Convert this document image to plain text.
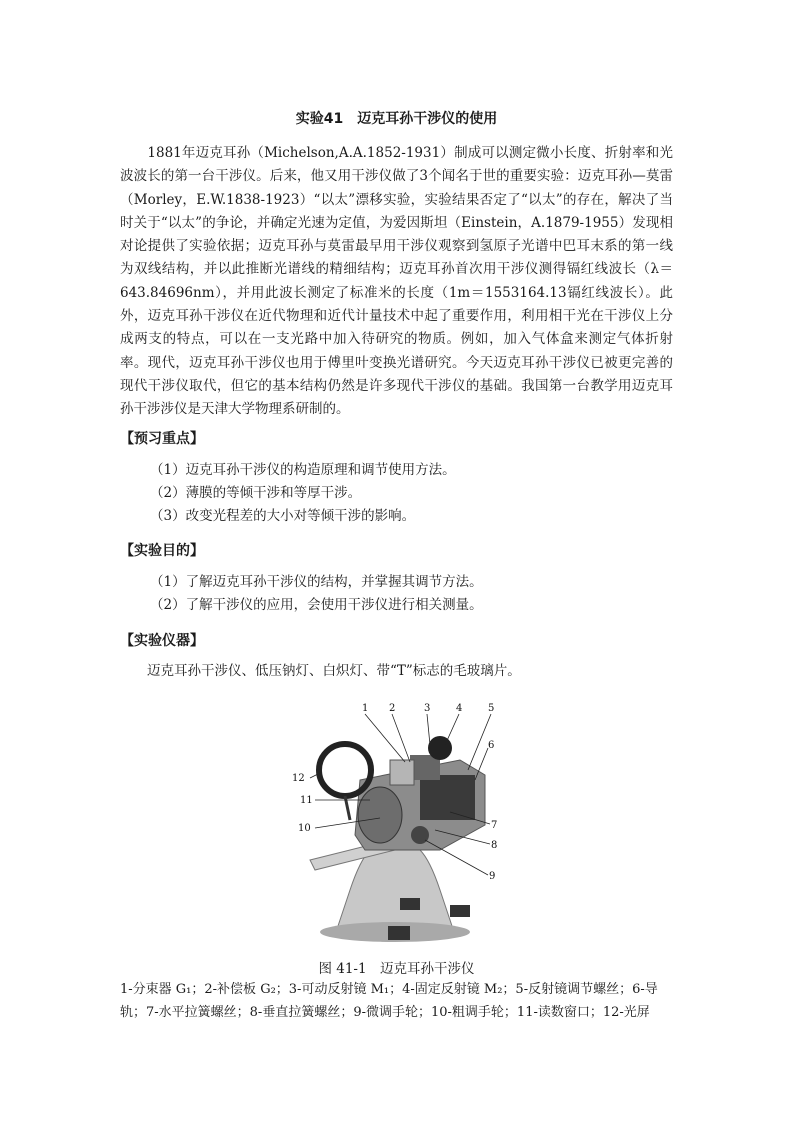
实验41　迈克耳孙干涉仪的使用
　　1881年迈克耳孙（Michelson,A.A.1852-1931）制成可以测定微小长度、折射率和光波波长的第一台干涉仪。后来，他又用干涉仪做了3个闻名于世的重要实验：迈克耳孙—莫雷（Morley，E.W.1838-1923）“以太”漂移实验，实验结果否定了“以太”的存在，解决了当时关于“以太”的争论，并确定光速为定值，为爱因斯坦（Einstein，A.1879-1955）发现相对论提供了实验依据；迈克耳孙与莫雷最早用干涉仪观察到氢原子光谱中巴耳末系的第一线为双线结构，并以此推断光谱线的精细结构；迈克耳孙首次用干涉仪测得镉红线波长（λ＝643.84696nm），并用此波长测定了标准米的长度（1m＝1553164.13镉红线波长）。此外，迈克耳孙干涉仪在近代物理和近代计量技术中起了重要作用，利用相干光在干涉仪上分成两支的特点，可以在一支光路中加入待研究的物质。例如，加入气体盒来测定气体折射率。现代，迈克耳孙干涉仪也用于傅里叶变换光谱研究。今天迈克耳孙干涉仪已被更完善的现代干涉仪取代，但它的基本结构仍然是许多现代干涉仪的基础。我国第一台教学用迈克耳孙干涉涉仪是天津大学物理系研制的。
【预习重点】
（1）迈克耳孙干涉仪的构造原理和调节使用方法。
（2）薄膜的等倾干涉和等厚干涉。
（3）改变光程差的大小对等倾干涉的影响。
【实验目的】
（1）了解迈克耳孙干涉仪的结构，并掌握其调节方法。
（2）了解干涉仪的应用，会使用干涉仪进行相关测量。
【实验仪器】
　　迈克耳孙干涉仪、低压钠灯、白炽灯、带“T”标志的毛玻璃片。
1 2	3	4	5
6
7
8
9
10
11
12
图 41-1　迈克耳孙干涉仪
1-分束器 G₁；2-补偿板 G₂；3-可动反射镜 M₁；4-固定反射镜 M₂；5-反射镜调节螺丝；6-导轨；7-水平拉簧螺丝；8-垂直拉簧螺丝；9-微调手轮；10-粗调手轮；11-读数窗口；12-光屏
